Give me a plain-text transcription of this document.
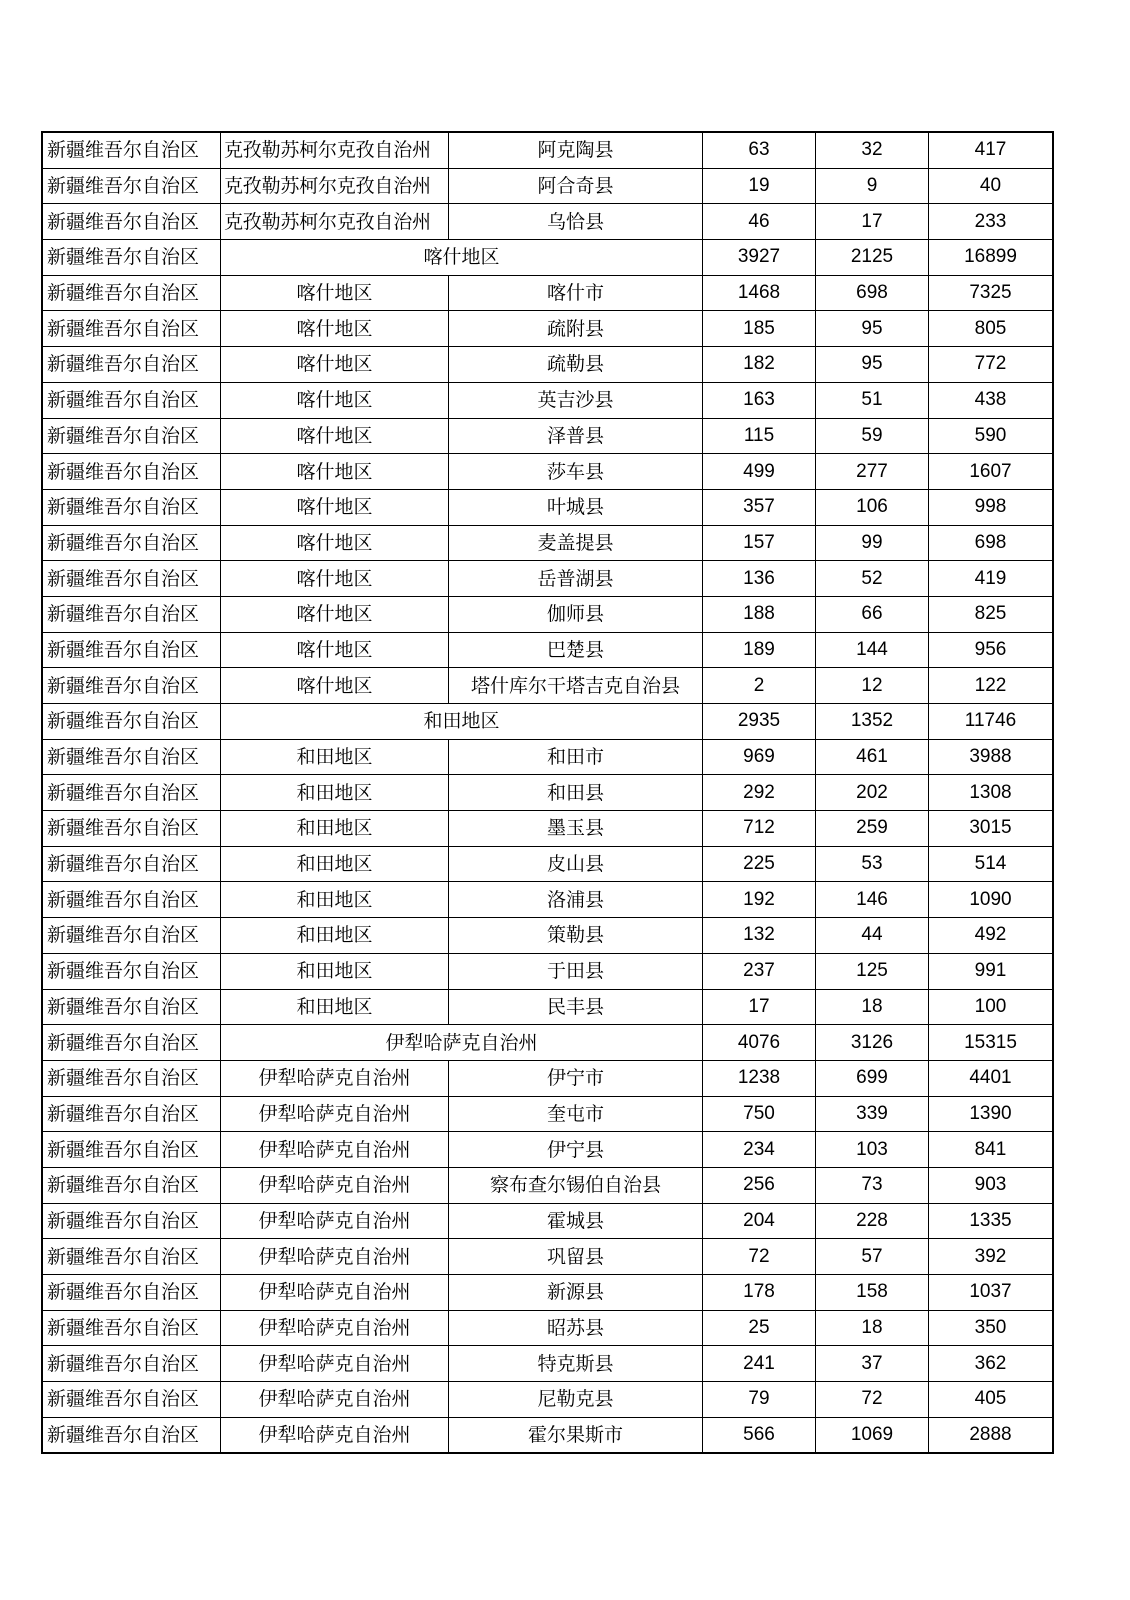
新疆维吾尔自治区	克孜勒苏柯尔克孜自治州	阿克陶县	63	32	417
新疆维吾尔自治区	克孜勒苏柯尔克孜自治州	阿合奇县	19	9	40
新疆维吾尔自治区	克孜勒苏柯尔克孜自治州	乌恰县	46	17	233
新疆维吾尔自治区	喀什地区		3927	2125	16899
新疆维吾尔自治区	喀什地区	喀什市	1468	698	7325
新疆维吾尔自治区	喀什地区	疏附县	185	95	805
新疆维吾尔自治区	喀什地区	疏勒县	182	95	772
新疆维吾尔自治区	喀什地区	英吉沙县	163	51	438
新疆维吾尔自治区	喀什地区	泽普县	115	59	590
新疆维吾尔自治区	喀什地区	莎车县	499	277	1607
新疆维吾尔自治区	喀什地区	叶城县	357	106	998
新疆维吾尔自治区	喀什地区	麦盖提县	157	99	698
新疆维吾尔自治区	喀什地区	岳普湖县	136	52	419
新疆维吾尔自治区	喀什地区	伽师县	188	66	825
新疆维吾尔自治区	喀什地区	巴楚县	189	144	956
新疆维吾尔自治区	喀什地区	塔什库尔干塔吉克自治县	2	12	122
新疆维吾尔自治区	和田地区		2935	1352	11746
新疆维吾尔自治区	和田地区	和田市	969	461	3988
新疆维吾尔自治区	和田地区	和田县	292	202	1308
新疆维吾尔自治区	和田地区	墨玉县	712	259	3015
新疆维吾尔自治区	和田地区	皮山县	225	53	514
新疆维吾尔自治区	和田地区	洛浦县	192	146	1090
新疆维吾尔自治区	和田地区	策勒县	132	44	492
新疆维吾尔自治区	和田地区	于田县	237	125	991
新疆维吾尔自治区	和田地区	民丰县	17	18	100
新疆维吾尔自治区	伊犁哈萨克自治州		4076	3126	15315
新疆维吾尔自治区	伊犁哈萨克自治州	伊宁市	1238	699	4401
新疆维吾尔自治区	伊犁哈萨克自治州	奎屯市	750	339	1390
新疆维吾尔自治区	伊犁哈萨克自治州	伊宁县	234	103	841
新疆维吾尔自治区	伊犁哈萨克自治州	察布查尔锡伯自治县	256	73	903
新疆维吾尔自治区	伊犁哈萨克自治州	霍城县	204	228	1335
新疆维吾尔自治区	伊犁哈萨克自治州	巩留县	72	57	392
新疆维吾尔自治区	伊犁哈萨克自治州	新源县	178	158	1037
新疆维吾尔自治区	伊犁哈萨克自治州	昭苏县	25	18	350
新疆维吾尔自治区	伊犁哈萨克自治州	特克斯县	241	37	362
新疆维吾尔自治区	伊犁哈萨克自治州	尼勒克县	79	72	405
新疆维吾尔自治区	伊犁哈萨克自治州	霍尔果斯市	566	1069	2888
